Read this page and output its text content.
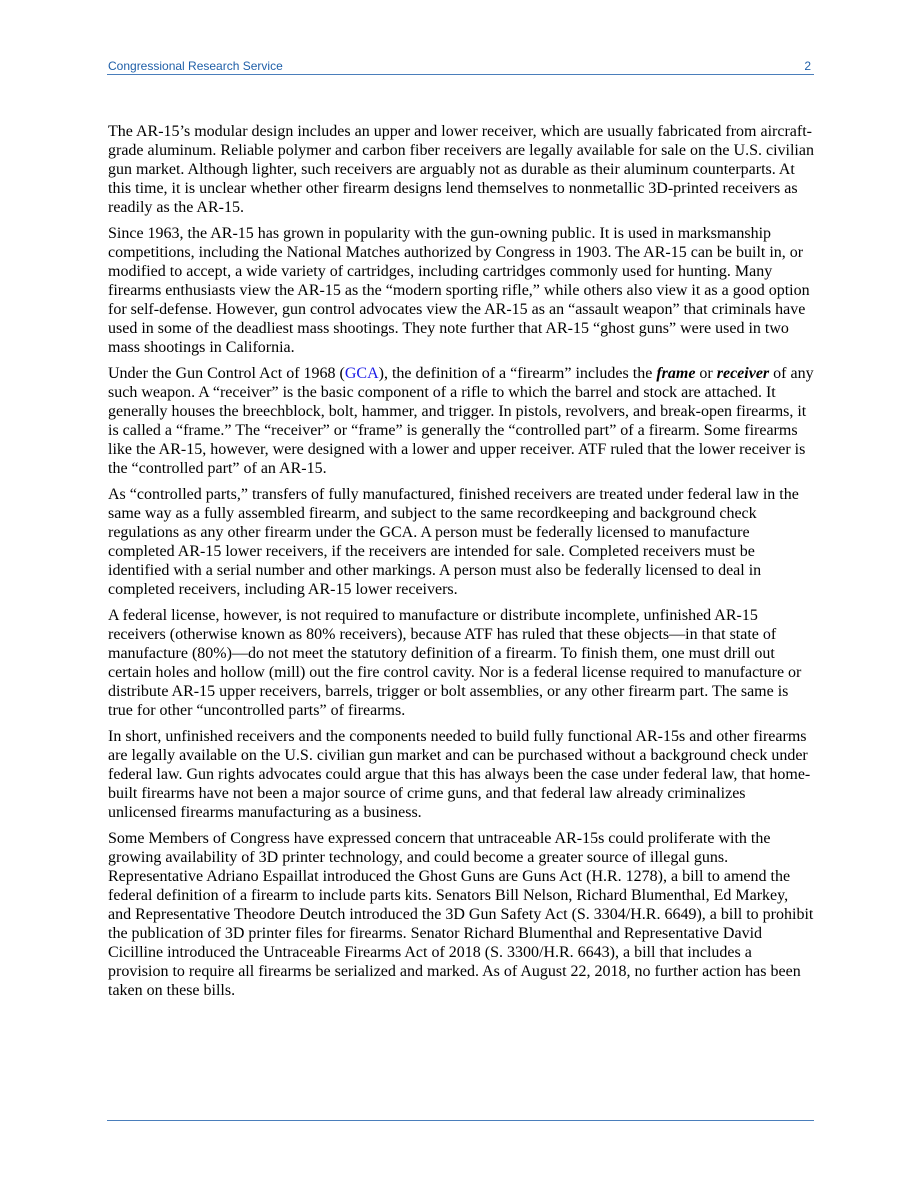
Congressional Research Service	2

The AR-15’s modular design includes an upper and lower receiver, which are usually fabricated from aircraft-grade aluminum. Reliable polymer and carbon fiber receivers are legally available for sale on the U.S. civilian gun market. Although lighter, such receivers are arguably not as durable as their aluminum counterparts. At this time, it is unclear whether other firearm designs lend themselves to nonmetallic 3D-printed receivers as readily as the AR-15.

Since 1963, the AR-15 has grown in popularity with the gun-owning public. It is used in marksmanship competitions, including the National Matches authorized by Congress in 1903. The AR-15 can be built in, or modified to accept, a wide variety of cartridges, including cartridges commonly used for hunting. Many firearms enthusiasts view the AR-15 as the “modern sporting rifle,” while others also view it as a good option for self-defense. However, gun control advocates view the AR-15 as an “assault weapon” that criminals have used in some of the deadliest mass shootings. They note further that AR-15 “ghost guns” were used in two mass shootings in California.

Under the Gun Control Act of 1968 (GCA), the definition of a “firearm” includes the frame or receiver of any such weapon. A “receiver” is the basic component of a rifle to which the barrel and stock are attached. It generally houses the breechblock, bolt, hammer, and trigger. In pistols, revolvers, and break-open firearms, it is called a “frame.” The “receiver” or “frame” is generally the “controlled part” of a firearm. Some firearms like the AR-15, however, were designed with a lower and upper receiver. ATF ruled that the lower receiver is the “controlled part” of an AR-15.

As “controlled parts,” transfers of fully manufactured, finished receivers are treated under federal law in the same way as a fully assembled firearm, and subject to the same recordkeeping and background check regulations as any other firearm under the GCA. A person must be federally licensed to manufacture completed AR-15 lower receivers, if the receivers are intended for sale. Completed receivers must be identified with a serial number and other markings. A person must also be federally licensed to deal in completed receivers, including AR-15 lower receivers.

A federal license, however, is not required to manufacture or distribute incomplete, unfinished AR-15 receivers (otherwise known as 80% receivers), because ATF has ruled that these objects—in that state of manufacture (80%)—do not meet the statutory definition of a firearm. To finish them, one must drill out certain holes and hollow (mill) out the fire control cavity. Nor is a federal license required to manufacture or distribute AR-15 upper receivers, barrels, trigger or bolt assemblies, or any other firearm part. The same is true for other “uncontrolled parts” of firearms.

In short, unfinished receivers and the components needed to build fully functional AR-15s and other firearms are legally available on the U.S. civilian gun market and can be purchased without a background check under federal law. Gun rights advocates could argue that this has always been the case under federal law, that home-built firearms have not been a major source of crime guns, and that federal law already criminalizes unlicensed firearms manufacturing as a business.

Some Members of Congress have expressed concern that untraceable AR-15s could proliferate with the growing availability of 3D printer technology, and could become a greater source of illegal guns. Representative Adriano Espaillat introduced the Ghost Guns are Guns Act (H.R. 1278), a bill to amend the federal definition of a firearm to include parts kits. Senators Bill Nelson, Richard Blumenthal, Ed Markey, and Representative Theodore Deutch introduced the 3D Gun Safety Act (S. 3304/H.R. 6649), a bill to prohibit the publication of 3D printer files for firearms. Senator Richard Blumenthal and Representative David Cicilline introduced the Untraceable Firearms Act of 2018 (S. 3300/H.R. 6643), a bill that includes a provision to require all firearms be serialized and marked. As of August 22, 2018, no further action has been taken on these bills.
